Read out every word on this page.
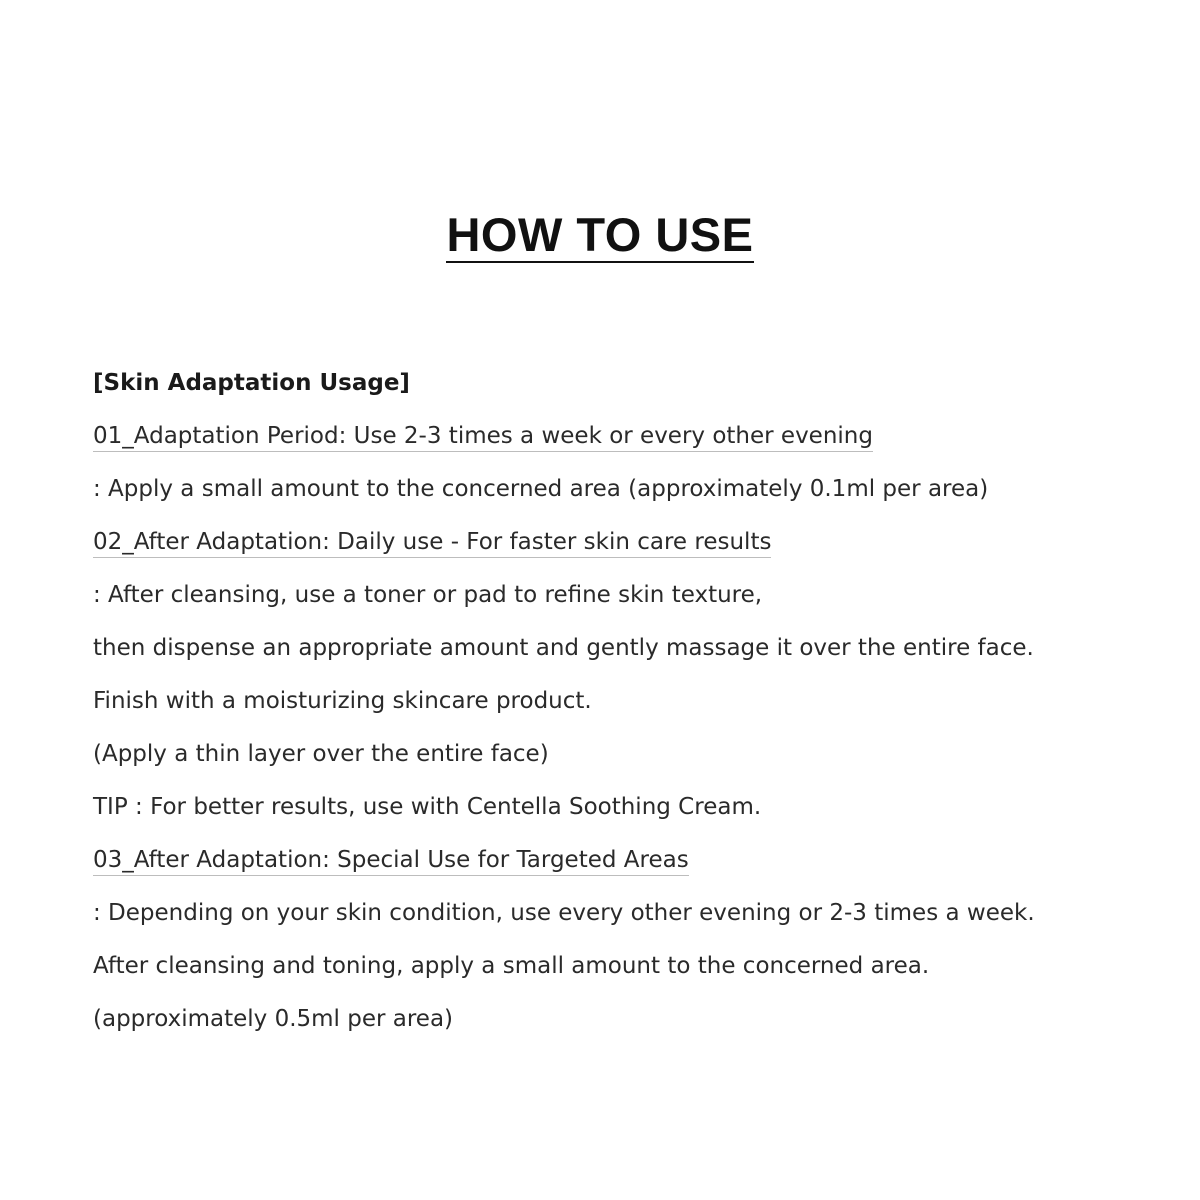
HOW TO USE
[Skin Adaptation Usage]
01_Adaptation Period: Use 2-3 times a week or every other evening
: Apply a small amount to the concerned area (approximately 0.1ml per area)
02_After Adaptation: Daily use - For faster skin care results
: After cleansing, use a toner or pad to refine skin texture,
then dispense an appropriate amount and gently massage it over the entire face.
Finish with a moisturizing skincare product.
(Apply a thin layer over the entire face)
TIP : For better results, use with Centella Soothing Cream.
03_After Adaptation: Special Use for Targeted Areas
: Depending on your skin condition, use every other evening or 2-3 times a week.
After cleansing and toning, apply a small amount to the concerned area.
(approximately 0.5ml per area)
